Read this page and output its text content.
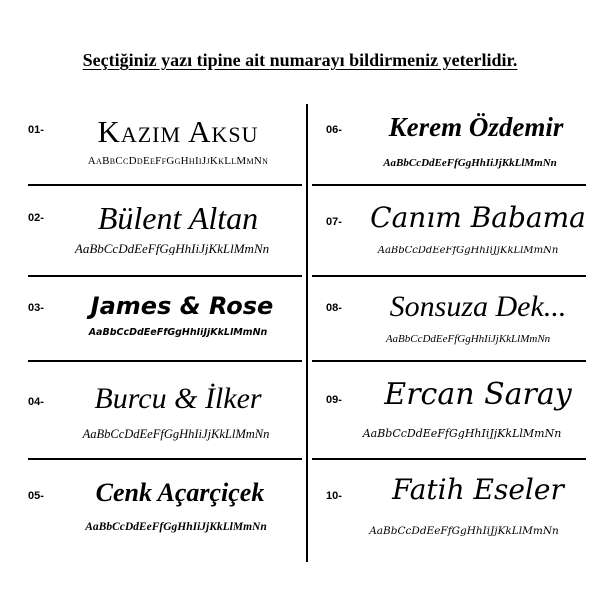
Seçtiğiniz yazı tipine ait numarayı bildirmeniz yeterlidir.
01-	Kazım Aksu
AaBbCcDdEeFfGgHhIiJjKkLlMmNn
02-	Bülent Altan
AaBbCcDdEeFfGgHhIiJjKkLlMmNn
03-	James & Rose
AaBbCcDdEeFfGgHhIiJjKkLlMmNn
04-	Burcu & İlker
AaBbCcDdEeFfGgHhIiJjKkLlMmNn
05-	Cenk Açarçiçek
AaBbCcDdEeFfGgHhIiJjKkLlMmNn
06-	Kerem Özdemir
AaBbCcDdEeFfGgHhIiJjKkLlMmNn
07-	Canım Babama
AaBbCcDdEeFfGgHhIiJjKkLlMmNn
08-	Sonsuza Dek...
AaBbCcDdEeFfGgHhIiJjKkLlMmNn
09-	Ercan Saray
AaBbCcDdEeFfGgHhIiJjKkLlMmNn
10-	Fatih Eseler
AaBbCcDdEeFfGgHhIiJjKkLlMmNn
